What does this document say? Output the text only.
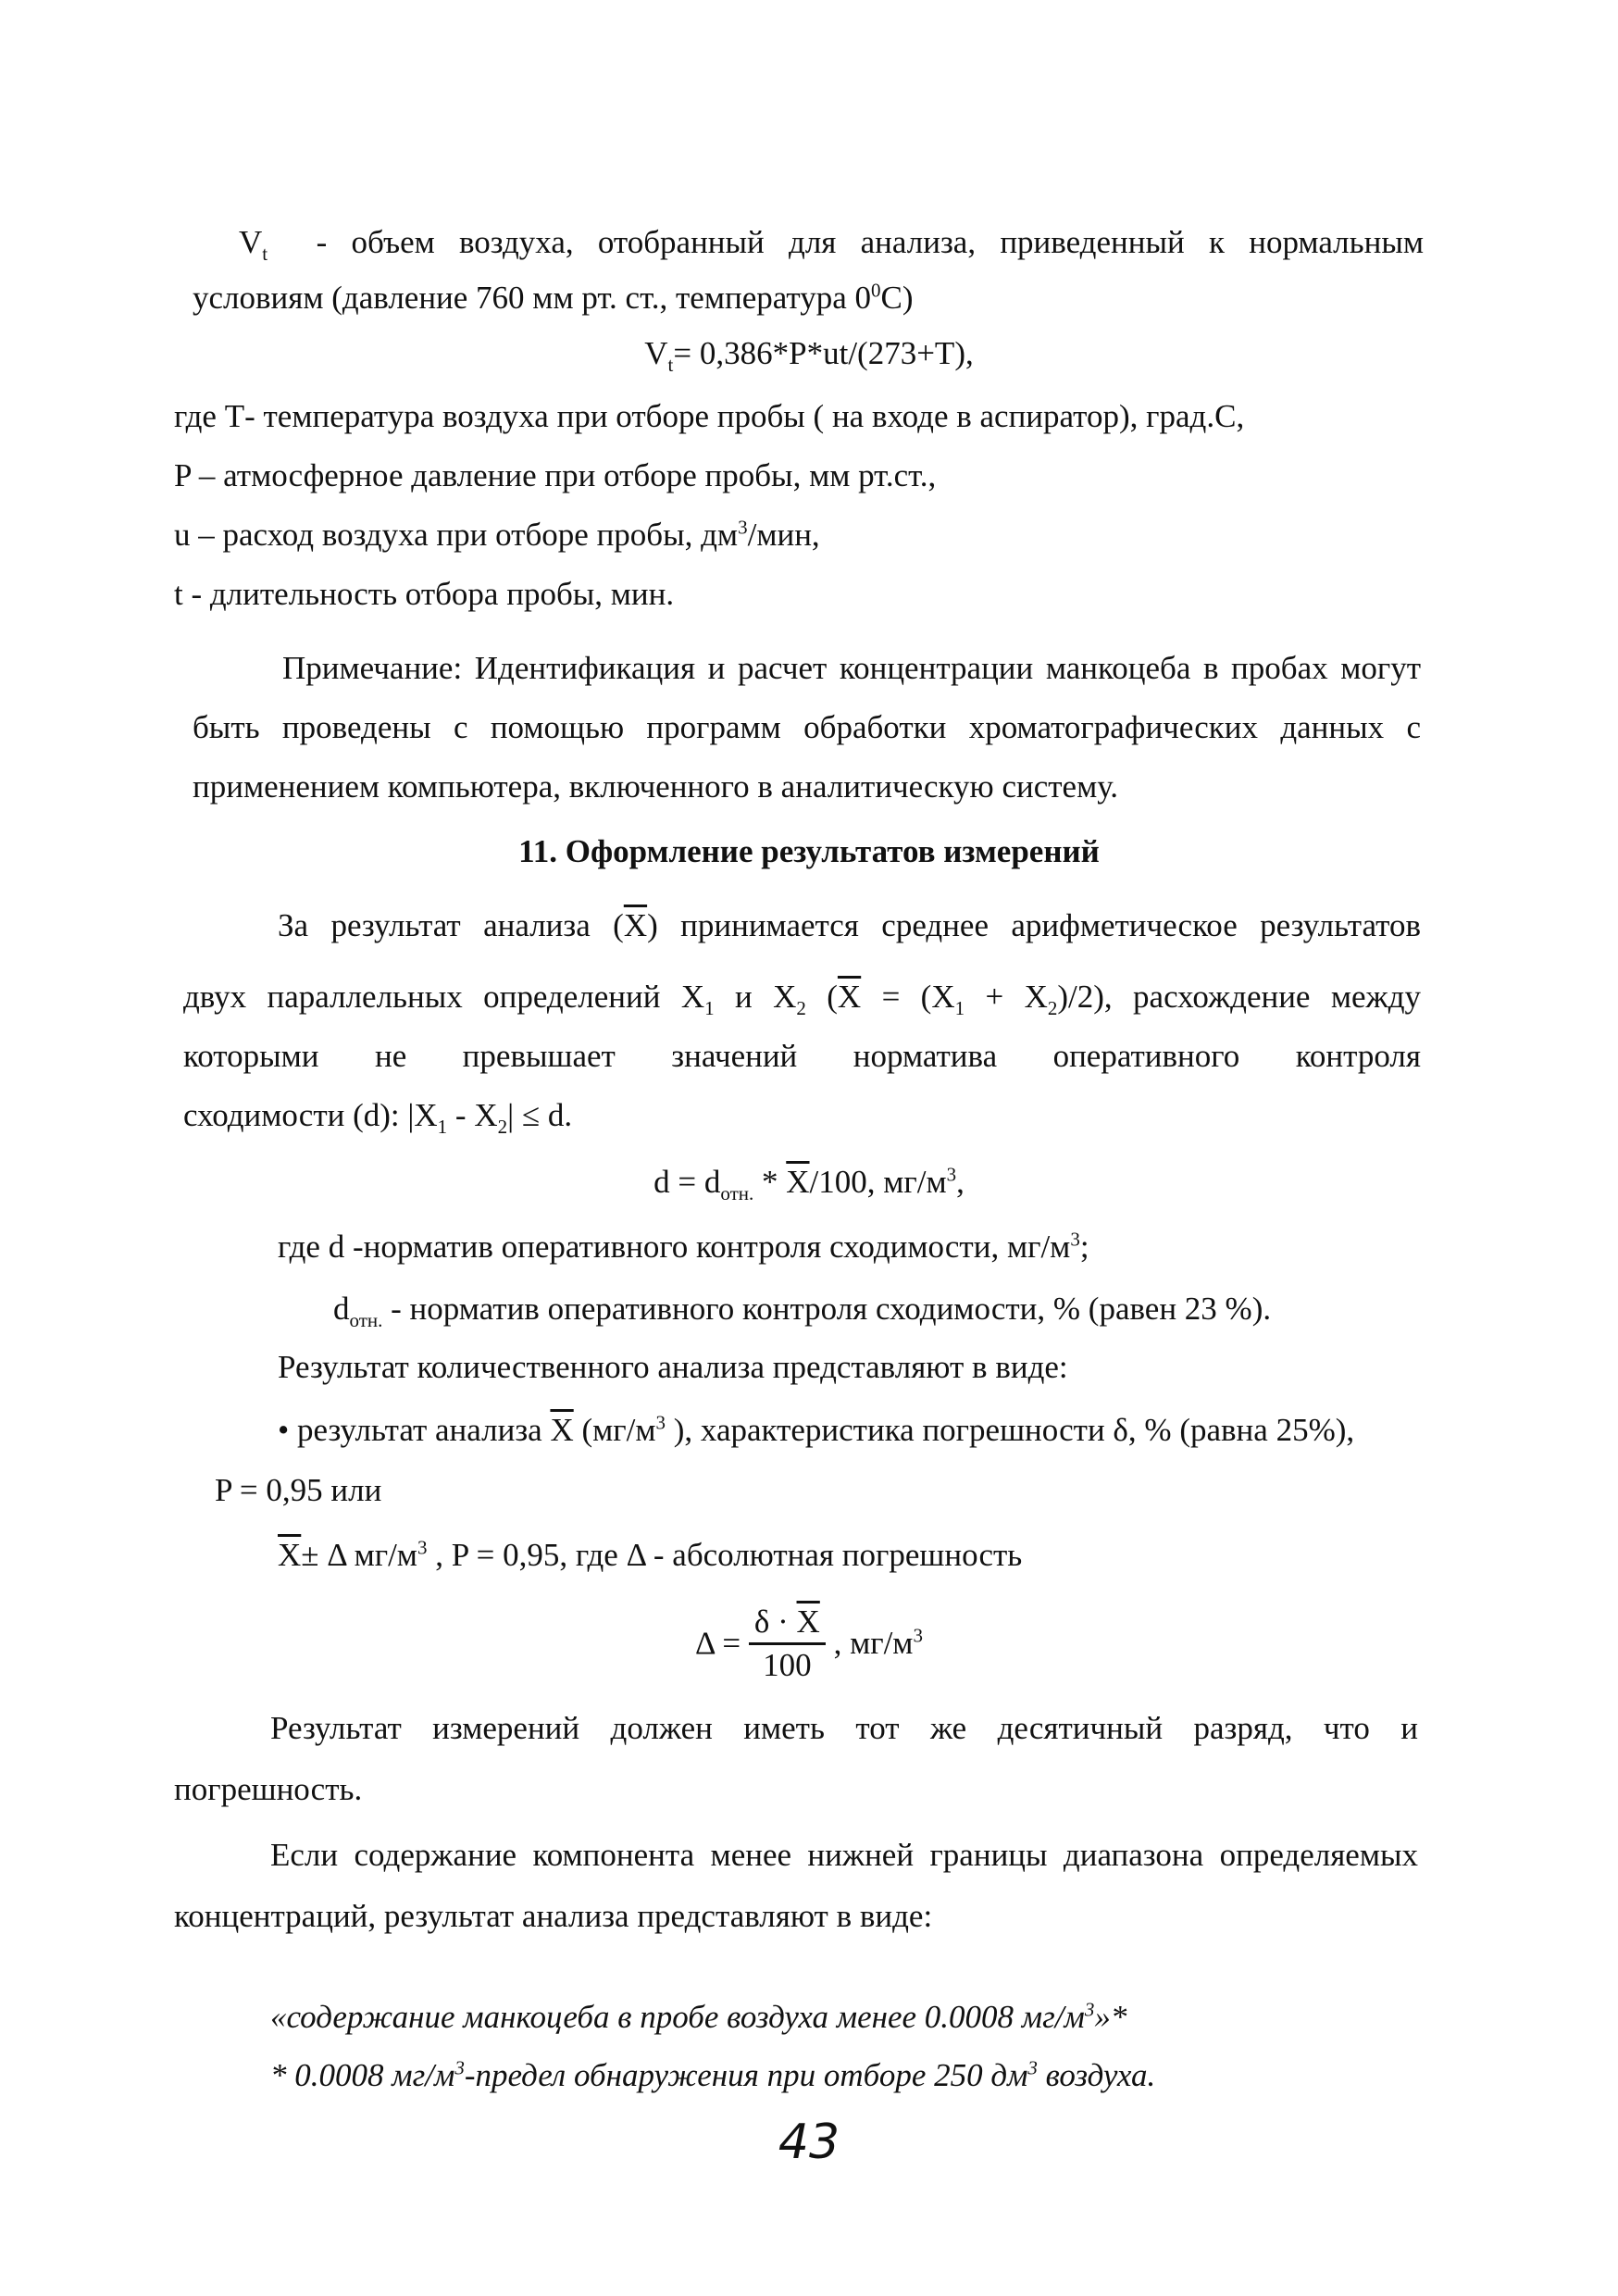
$V_t$ - объем воздуха, отобранный для анализа, приведенный к нормальным
условиям (давление 760 мм рт. ст., температура $0^0С$)
$V_t= 0,386*P*ut/(273+T)$,
где Т- температура воздуха при отборе пробы ( на входе в аспиратор), град.С,
P – атмосферное давление при отборе пробы, мм рт.ст.,
u – расход воздуха при отборе пробы, $дм^3$/мин,
t - длительность отбора пробы, мин.
Примечание: Идентификация и расчет концентрации манкоцеба в пробах могут
быть проведены с помощью программ обработки хроматографических данных с
применением компьютера, включенного в аналитическую систему.
11. Оформление результатов измерений
За результат анализа $(\overline{X})$ принимается среднее арифметическое результатов
двух параллельных определений $X_1$ и $X_2$ $(\overline{X} = (X_1 + X_2)/2)$, расхождение между
которыми не превышает значений норматива оперативного контроля
сходимости (d): $|X_1 - X_2| \le d$.
$d = d_{отн.} * \overline{X}/100$, $мг/м^3$,
где d -норматив оперативного контроля сходимости, $мг/м^3$;
$d_{отн.}$ - норматив оперативного контроля сходимости, % (равен 23 %).
Результат количественного анализа представляют в виде:
• результат анализа $\overline{X}$ ($мг/м^3$ ), характеристика погрешности δ, % (равна 25%),
P = 0,95 или
$\overline{X}\pm \Delta$ $мг/м^3$ , P = 0,95, где Δ - абсолютная погрешность
$\Delta = \frac{\delta \cdot \overline{X}}{100}$ , $мг/м^3$
Результат измерений должен иметь тот же десятичный разряд, что и
погрешность.
Если содержание компонента менее нижней границы диапазона определяемых
концентраций, результат анализа представляют в виде:
«содержание манкоцеба в пробе воздуха менее 0.0008 $мг/м^3»*$
* 0.0008 $мг/м^3$-предел обнаружения при отборе 250 $дм^3$ воздуха.
43
